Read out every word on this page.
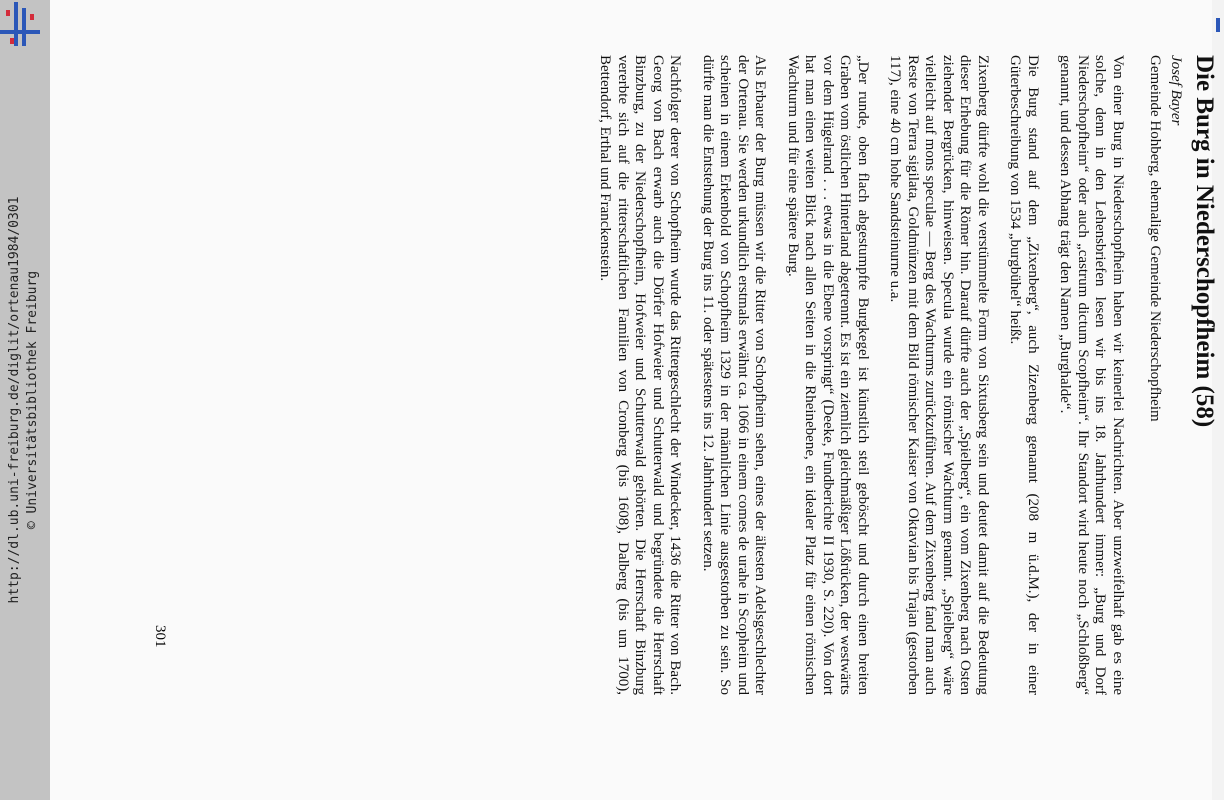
http://dl.ub.uni-freiburg.de/diglit/ortenau1984/0301 © Universitätsbibliothek Freiburg
301
Die Burg in Niederschopfheim (58)
Josef Bayer
Gemeinde Hohberg, ehemalige Gemeinde Niederschopfheim

Von einer Burg in Niederschopfheim haben wir keinerlei Nachrichten. Aber unzweifelhaft gab es eine solche, denn in den Lehensbriefen lesen wir bis ins 18. Jahrhundert immer: „Burg und Dorf Niederschopfheim“ oder auch „castrum dictum Scopfheim“. Ihr Standort wird heute noch „Schloßberg“ genannt, und dessen Abhang trägt den Namen „Burghalde“.

Die Burg stand auf dem „Zixenberg“, auch Zizenberg genannt (208 m ü.d.M.), der in einer Güterbeschreibung von 1534 „burgbühel“ heißt.

Zixenberg dürfte wohl die verstümmelte Form von Sixtusberg sein und deutet damit auf die Bedeutung dieser Erhebung für die Römer hin. Darauf dürfte auch der „Spielberg“, ein vom Zixenberg nach Osten ziehender Bergrücken, hinweisen. Specula wurde ein römischer Wachturm genannt. „Spielberg“ wäre vielleicht auf mons speculae — Berg des Wachturms zurückzuführen. Auf dem Zixenberg fand man auch Reste von Terra sigilata, Goldmünzen mit dem Bild römischer Kaiser von Oktavian bis Trajan (gestorben 117), eine 40 cm hohe Sandsteinurne u.a.

„Der runde, oben flach abgestumpfte Burgkegel ist künstlich steil geböscht und durch einen breiten Graben vom östlichen Hinterland abgetrennt. Es ist ein ziemlich gleichmäßiger Lößrücken, der westwärts vor dem Hügelrand . . . etwas in die Ebene vorspringt“ (Deeke, Fundberichte II 1930, S. 220). Von dort hat man einen weiten Blick nach allen Seiten in die Rheinebene, ein idealer Platz für einen römischen Wachturm und für eine spätere Burg.

Als Erbauer der Burg müssen wir die Ritter von Schopfheim sehen, eines der ältesten Adelsgeschlechter der Ortenau. Sie werden urkundlich erstmals erwähnt ca. 1066 in einem comes de urahe in Scopheim und scheinen in einem Erkenbold von Schopfheim 1329 in der männlichen Linie ausgestorben zu sein. So dürfte man die Entstehung der Burg ins 11. oder spätestens ins 12. Jahrhundert setzen.

Nachfolger derer von Schopfheim wurde das Rittergeschlecht der Windecker, 1436 die Ritter von Bach. Georg von Bach erwarb auch die Dörfer Hofweier und Schutterwald und begründete die Herrschaft Binzburg, zu der Niederschopfheim, Hofweier und Schutterwald gehörten. Die Herrschaft Binzburg vererbte sich auf die ritterschaftlichen Familien von Cronberg (bis 1608), Dalberg (bis um 1700), Bettendorf, Erthal und Franckenstein.
